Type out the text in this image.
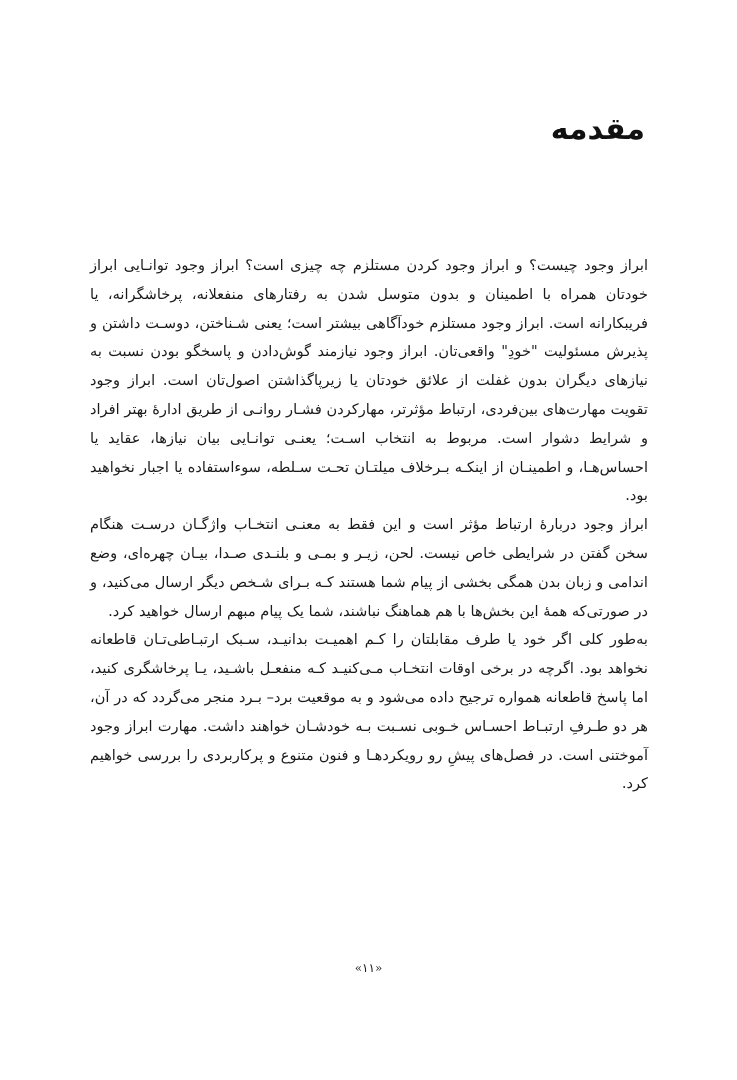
مقدمه

ابراز وجود چیست؟ و ابراز وجود کردن مستلزم چه چیزی است؟ ابراز وجود توانـایی ابراز خودتان همراه با اطمینان و بدون متوسل شدن به رفتارهای منفعلانه، پرخاشگرانه، یا فریبکارانه است. ابراز وجود مستلزم خودآگاهی بیشتر است؛ یعنی شـناختن، دوسـت داشتن و پذیرش مسئولیت "خودِ" واقعی‌تان. ابراز وجود نیازمند گوش‌دادن و پاسخگو بودن نسبت به نیازهای دیگران بدون غفلت از علائق خودتان یا زیرپاگذاشتن اصول‌تان است. ابراز وجود تقویت مهارت‌های بین‌فردی، ارتباط مؤثرتر، مهارکردن فشـار روانـی از طریق ادارهٔ بهتر افراد و شرایط دشوار است. مربوط به انتخاب اسـت؛ یعنـی توانـایی بیان نیازها، عقاید یا احساس‌هـا، و اطمینـان از اینکـه بـرخلاف میلتـان تحـت سـلطه، سوءاستفاده یا اجبار نخواهید بود.

ابراز وجود دربارهٔ ارتباط مؤثر است و این فقط به معنـی انتخـاب واژگـان درسـت هنگام سخن گفتن در شرایطی خاص نیست. لحن، زیـر و بمـی و بلنـدی صـدا، بیـان چهره‌ای، وضع اندامی و زبان بدن همگی بخشی از پیام شما هستند کـه بـرای شـخص دیگر ارسال می‌کنید، و در صورتی‌که همهٔ این بخش‌ها با هم هماهنگ نباشند، شما یک پیام مبهم ارسال خواهید کرد.

به‌طور کلی اگر خود یا طرف مقابلتان را کـم اهمیـت بدانیـد، سـبک ارتبـاطی‌تـان قاطعانه نخواهد بود. اگرچه در برخی اوقات انتخـاب مـی‌کنیـد کـه منفعـل باشـید، یـا پرخاشگری کنید، اما پاسخ قاطعانه همواره ترجیح داده می‌شود و به موقعیت برد– بـرد منجر می‌گردد که در آن، هر دو طـرفِ ارتبـاط احسـاس خـوبی نسـبت بـه خودشـان خواهند داشت. مهارت ابراز وجود آموختنی است. در فصل‌های پیشِ رو رویکردهـا و فنون متنوع و پرکاربردی را بررسی خواهیم کرد.

«۱۱»
